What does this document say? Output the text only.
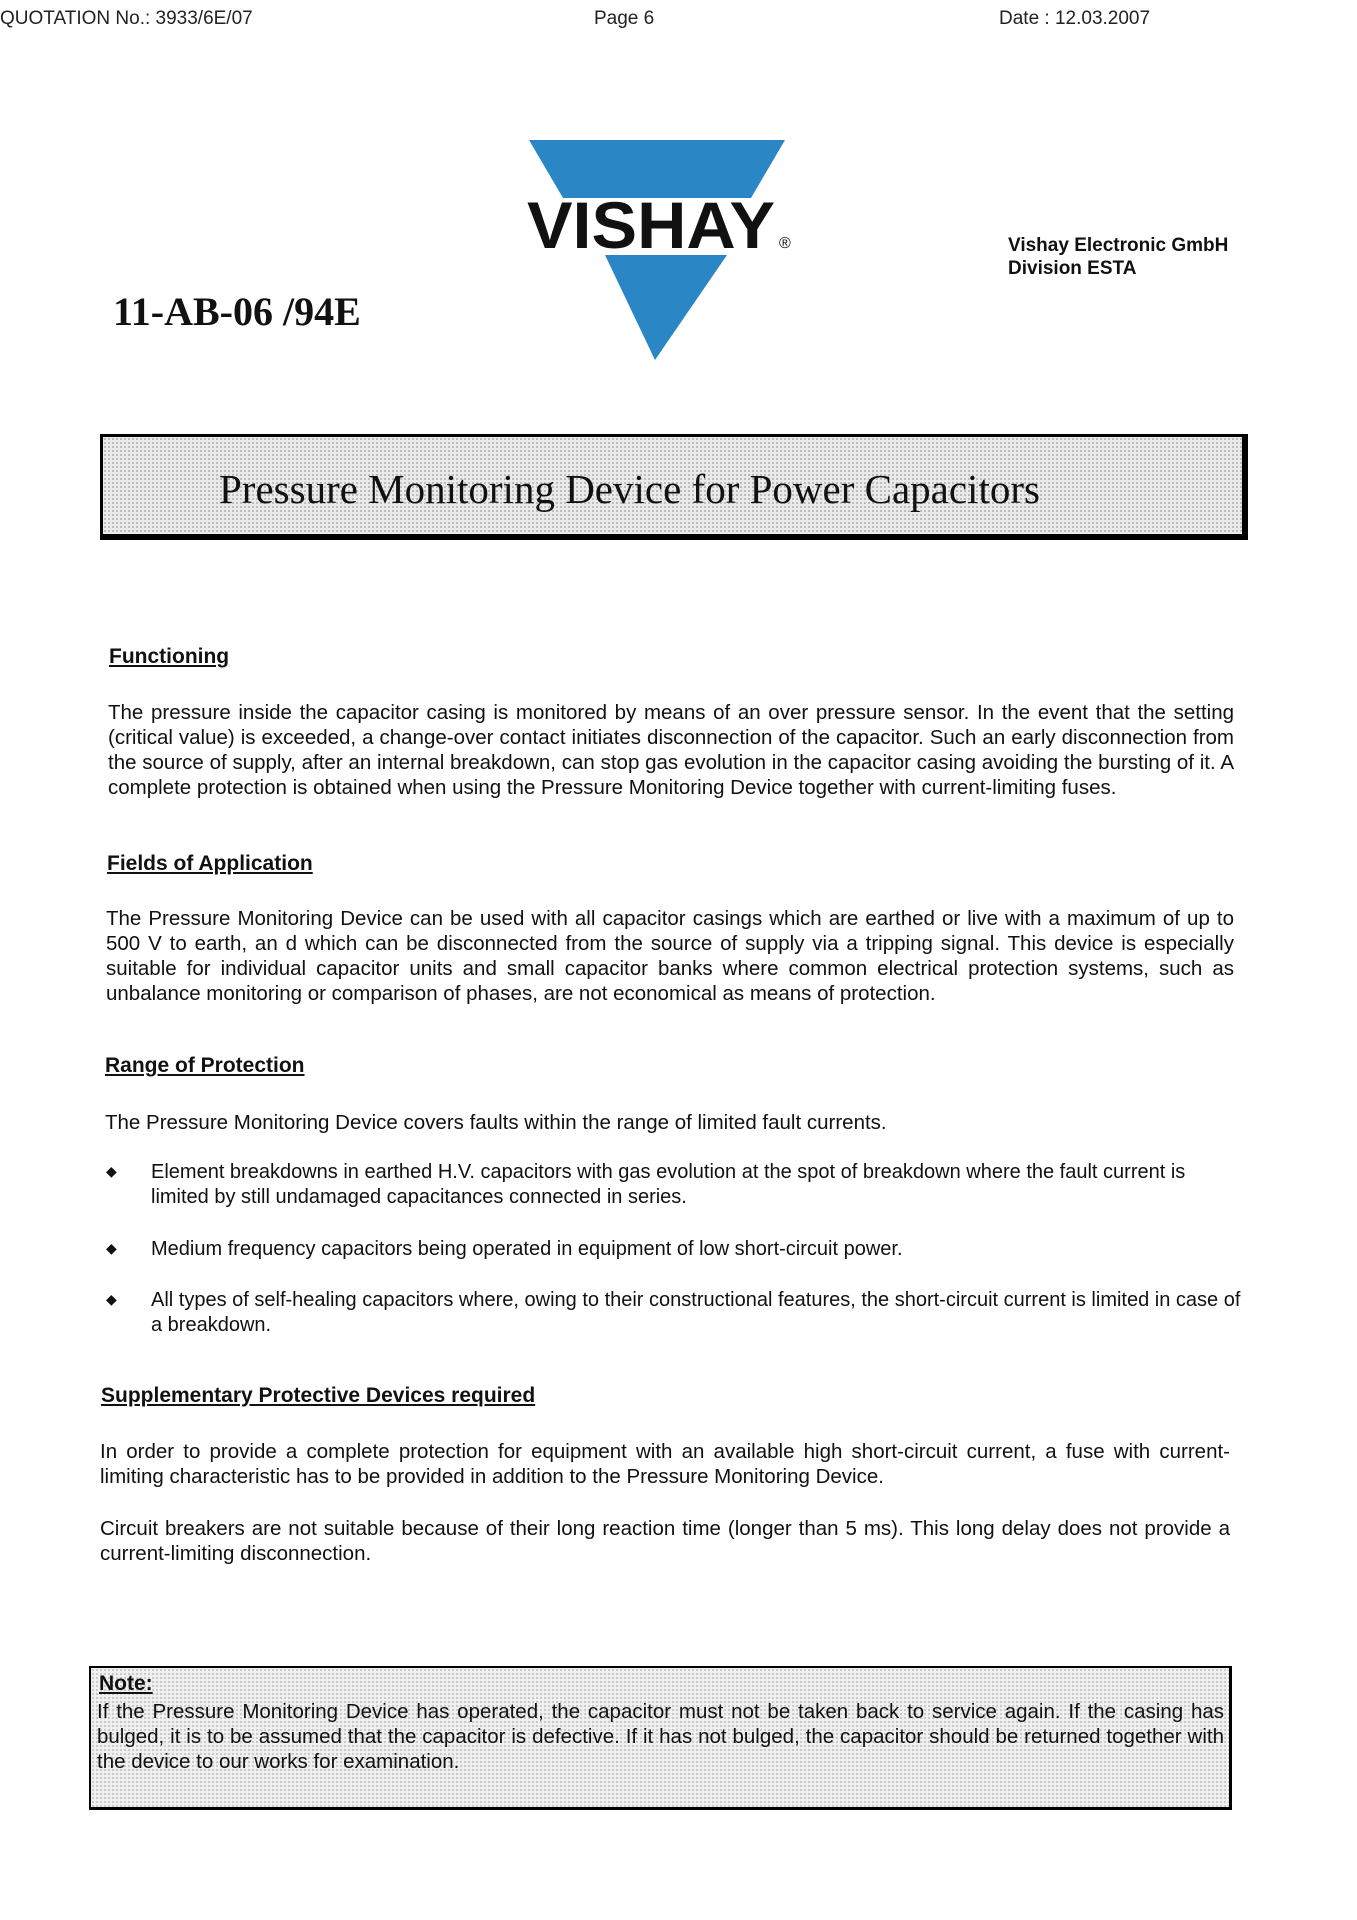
QUOTATION No.: 3933/6E/07	Page 6	Date : 12.03.2007
11-AB-06 /94E
VISHAY ®	Vishay Electronic GmbH
Division ESTA
Pressure Monitoring Device for Power Capacitors
Functioning
The pressure inside the capacitor casing is monitored by means of an over pressure sensor. In the event that the setting (critical value) is exceeded, a change-over contact initiates disconnection of the capacitor. Such an early disconnection from the source of supply, after an internal breakdown, can stop gas evolution in the capacitor casing avoiding the bursting of it. A complete protection is obtained when using the Pressure Monitoring Device together with current-limiting fuses.
Fields of Application
The Pressure Monitoring Device can be used with all capacitor casings which are earthed or live with a maximum of up to 500 V to earth, an d which can be disconnected from the source of supply via a tripping signal. This device is especially suitable for individual capacitor units and small capacitor banks where common electrical protection systems, such as unbalance monitoring or comparison of phases, are not economical as means of protection.
Range of Protection
The Pressure Monitoring Device covers faults within the range of limited fault currents.
◆ Element breakdowns in earthed H.V. capacitors with gas evolution at the spot of breakdown where the fault current is limited by still undamaged capacitances connected in series.
◆ Medium frequency capacitors being operated in equipment of low short-circuit power.
◆ All types of self-healing capacitors where, owing to their constructional features, the short-circuit current is limited in case of a breakdown.
Supplementary Protective Devices required
In order to provide a complete protection for equipment with an available high short-circuit current, a fuse with current-limiting characteristic has to be provided in addition to the Pressure Monitoring Device.
Circuit breakers are not suitable because of their long reaction time (longer than 5 ms). This long delay does not provide a current-limiting disconnection.
Note:
If the Pressure Monitoring Device has operated, the capacitor must not be taken back to service again. If the casing has bulged, it is to be assumed that the capacitor is defective. If it has not bulged, the capacitor should be returned together with the device to our works for examination.
